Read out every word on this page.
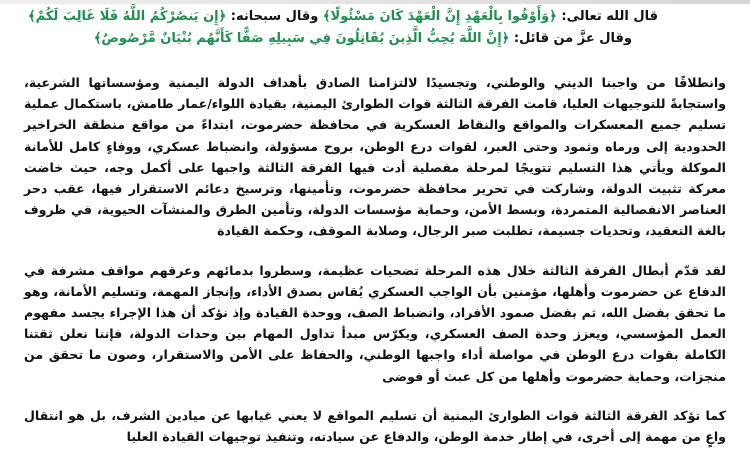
قال الله تعالى: ﴿وَأَوْفُوا بِالْعَهْدِ إِنَّ الْعَهْدَ كَانَ مَسْئُولًا﴾ وقال سبحانه: ﴿إِن يَنصُرْكُمُ اللَّهُ فَلَا غَالِبَ لَكُمْ﴾
وقال عزَّ من قائل: ﴿إِنَّ اللَّهَ يُحِبُّ الَّذِينَ يُقَاتِلُونَ فِي سَبِيلِهِ صَفًّا كَأَنَّهُم بُنْيَانٌ مَّرْصُوصٌ﴾

وانطلاقًا من واجبنا الديني والوطني، وتجسيدًا لالتزامنا الصادق بأهداف الدولة اليمنية ومؤسساتها الشرعية، واستجابةً للتوجيهات العليا، قامت الفرقة الثالثة قوات الطوارئ اليمنية، بقيادة اللواء/عمار طامش، باستكمال عملية تسليم جميع المعسكرات والمواقع والنقاط العسكرية في محافظة حضرموت، ابتداءً من مواقع منطقة الخراخير الحدودية إلى ورماه وثمود وحتى العبر، لقوات درع الوطن، بروح مسؤولة، وانضباط عسكري، ووفاءٍ كامل للأمانة الموكلة ويأتي هذا التسليم تتويجًا لمرحلة مفصلية أدت فيها الفرقة الثالثة واجبها على أكمل وجه، حيث خاضت معركة تثبيت الدولة، وشاركت في تحرير محافظة حضرموت، وتأمينها، وترسيخ دعائم الاستقرار فيها، عقب دحر العناصر الانفصالية المتمردة، وبسط الأمن، وحماية مؤسسات الدولة، وتأمين الطرق والمنشآت الحيوية، في ظروف بالغة التعقيد، وتحديات جسيمة، تطلبت صبر الرجال، وصلابة الموقف، وحكمة القيادة

لقد قدّم أبطال الفرقة الثالثة خلال هذه المرحلة تضحيات عظيمة، وسطروا بدمائهم وعرقهم مواقف مشرفة في الدفاع عن حضرموت وأهلها، مؤمنين بأن الواجب العسكري يُقاس بصدق الأداء، وإنجاز المهمة، وتسليم الأمانة، وهو ما تحقق بفضل الله، ثم بفضل صمود الأفراد، وانضباط الصف، ووحدة القيادة وإذ نؤكد أن هذا الإجراء يجسد مفهوم العمل المؤسسي، ويعزز وحدة الصف العسكري، ويكرّس مبدأ تداول المهام بين وحدات الدولة، فإننا نعلن ثقتنا الكاملة بقوات درع الوطن في مواصلة أداء واجبها الوطني، والحفاظ على الأمن والاستقرار، وصون ما تحقق من منجزات، وحماية حضرموت وأهلها من كل عبث أو فوضى

كما تؤكد الفرقة الثالثة قوات الطوارئ اليمنية أن تسليم المواقع لا يعني غيابها عن ميادين الشرف، بل هو انتقال واعٍ من مهمة إلى أخرى، في إطار خدمة الوطن، والدفاع عن سيادته، وتنفيذ توجيهات القيادة العليا
